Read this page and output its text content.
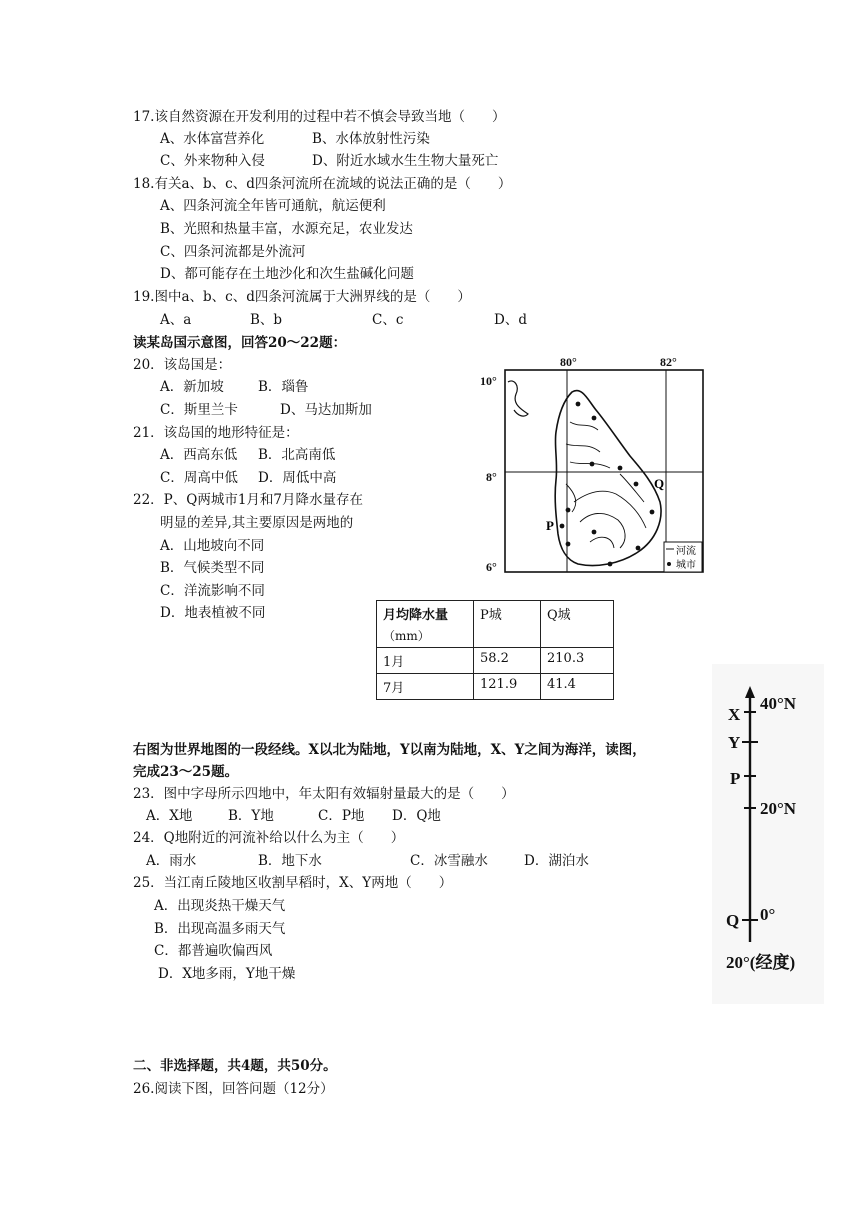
17.该自然资源在开发利用的过程中若不慎会导致当地（　　）
A、水体富营养化	B、水体放射性污染
C、外来物种入侵	D、附近水域水生生物大量死亡
18.有关a、b、c、d四条河流所在流域的说法正确的是（　　）
A、四条河流全年皆可通航，航运便利
B、光照和热量丰富，水源充足，农业发达
C、四条河流都是外流河
D、都可能存在土地沙化和次生盐碱化问题
19.图中a、b、c、d四条河流属于大洲界线的是（　　）
A、a	B、b	C、c	D、d
读某岛国示意图，回答20～22题：
20．该岛国是：
A．新加坡	B．瑙鲁
C．斯里兰卡	D、马达加斯加
21．该岛国的地形特征是：
A．西高东低 B．北高南低
C．周高中低 D．周低中高
22．P、Q两城市1月和7月降水量存在
明显的差异,其主要原因是两地的
A．山地坡向不同
B．气候类型不同
C．洋流影响不同
D．地表植被不同
80°	82°
10°
8°
6°
P
Q
河流
城市
月均降水量
（mm）	P城	Q城
1月	58.2	210.3
7月	121.9	41.4
40°N
20°N
0°
X
Y
P
Q
20°(经度)
右图为世界地图的一段经线。X以北为陆地，Y以南为陆地，X、Y之间为海洋，读图，
完成23～25题。
23．图中字母所示四地中，年太阳有效辐射量最大的是（　　）
A．X地	B．Y地	C．P地 D．Q地
24．Q地附近的河流补给以什么为主（　　）
A．雨水	B．地下水	C．冰雪融水	D．湖泊水
25．当江南丘陵地区收割早稻时，X、Y两地（　　）
A．出现炎热干燥天气
B．出现高温多雨天气
C．都普遍吹偏西风
D．X地多雨，Y地干燥
二、非选择题，共4题，共50分。
26.阅读下图，回答问题（12分）
